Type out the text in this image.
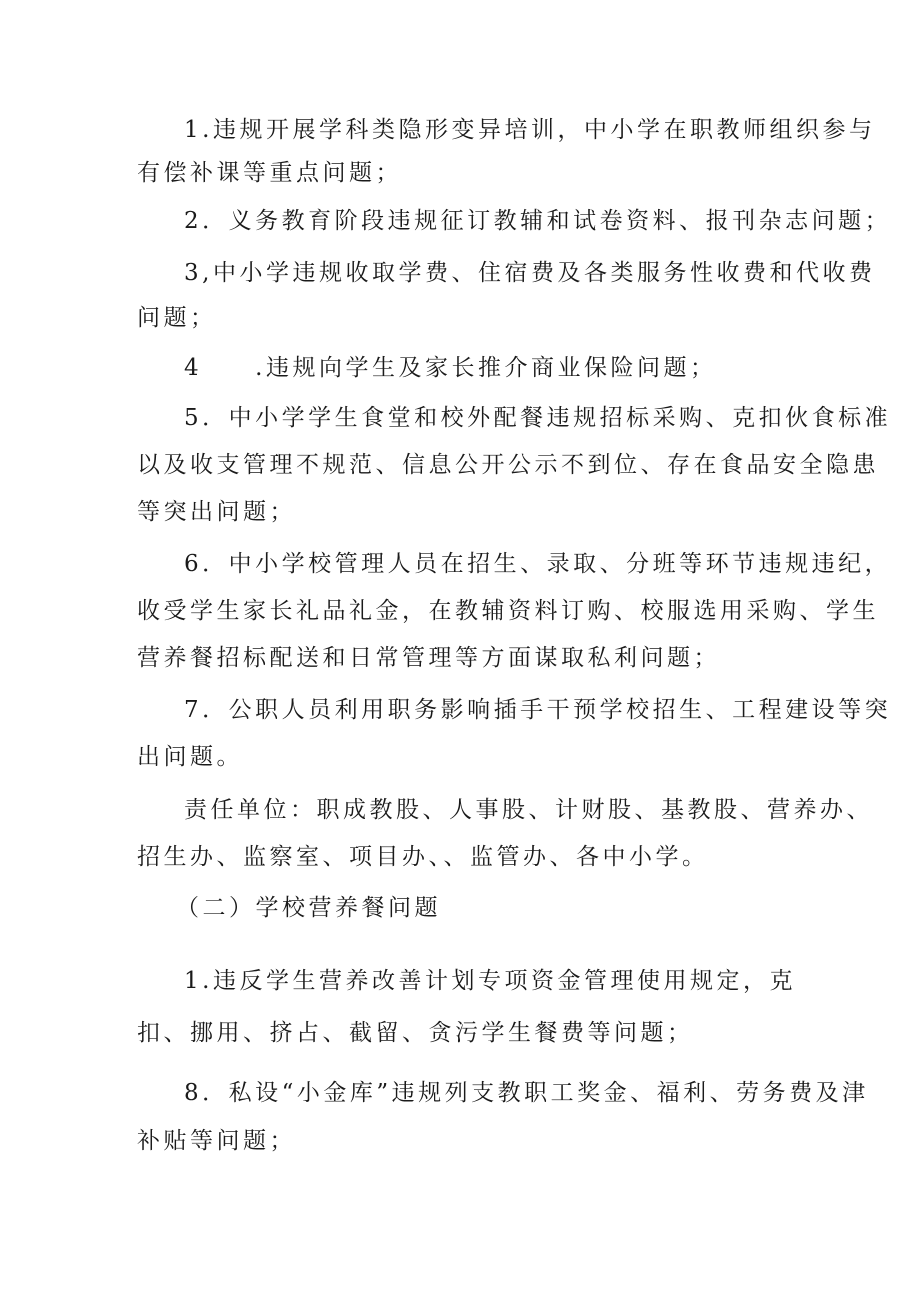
1.违规开展学科类隐形变异培训，中小学在职教师组织参与
有偿补课等重点问题；
2．义务教育阶段违规征订教辅和试卷资料、报刊杂志问题；
3,中小学违规收取学费、住宿费及各类服务性收费和代收费
问题；
4　　.违规向学生及家长推介商业保险问题；
5．中小学学生食堂和校外配餐违规招标采购、克扣伙食标准
以及收支管理不规范、信息公开公示不到位、存在食品安全隐患
等突出问题；
6．中小学校管理人员在招生、录取、分班等环节违规违纪，
收受学生家长礼品礼金，在教辅资料订购、校服选用采购、学生
营养餐招标配送和日常管理等方面谋取私利问题；
7．公职人员利用职务影响插手干预学校招生、工程建设等突
出问题。
责任单位：职成教股、人事股、计财股、基教股、营养办、
招生办、监察室、项目办、、监管办、各中小学。
（二）学校营养餐问题
1.违反学生营养改善计划专项资金管理使用规定，克
扣、挪用、挤占、截留、贪污学生餐费等问题；
8．私设“小金库”违规列支教职工奖金、福利、劳务费及津
补贴等问题；
